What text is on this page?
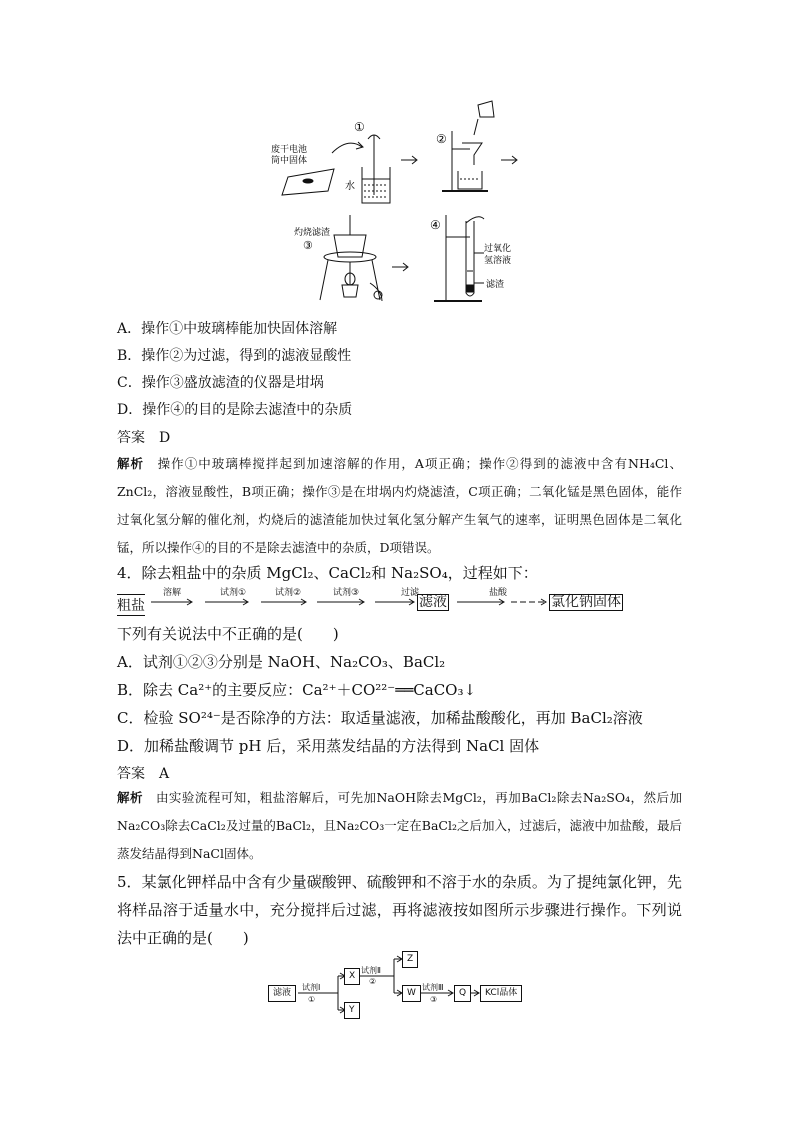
废干电池
筒中固体
水
①
②
灼烧滤渣
③
④
过氧化
氢溶液
滤渣
A．操作①中玻璃棒能加快固体溶解
B．操作②为过滤，得到的滤液显酸性
C．操作③盛放滤渣的仪器是坩埚
D．操作④的目的是除去滤渣中的杂质
答案　 D
解析　 操作①中玻璃棒搅拌起到加速溶解的作用，A项正确；操作②得到的滤液中含有NH₄Cl、ZnCl₂，溶液显酸性，B项正确；操作③是在坩埚内灼烧滤渣，C项正确；二氧化锰是黑色固体，能作过氧化氢分解的催化剂，灼烧后的滤渣能加快过氧化氢分解产生氧气的速率，证明黑色固体是二氧化锰，所以操作④的目的不是除去滤渣中的杂质，D项错误。
4．除去粗盐中的杂质 MgCl₂、CaCl₂和 Na₂SO₄，过程如下：
粗盐
溶解	试剂①	试剂②	试剂③	过滤
滤液
盐酸
氯化钠固体
下列有关说法中不正确的是(　　)
A．试剂①②③分别是 NaOH、Na₂CO₃、BaCl₂
B．除去 Ca²⁺的主要反应：Ca²⁺＋CO²²⁻══CaCO₃↓
C．检验 SO²⁴⁻是否除净的方法：取适量滤液，加稀盐酸酸化，再加 BaCl₂溶液
D．加稀盐酸调节 pH 后，采用蒸发结晶的方法得到 NaCl 固体
答案　 A
解析　 由实验流程可知，粗盐溶解后，可先加NaOH除去MgCl₂，再加BaCl₂除去Na₂SO₄，然后加Na₂CO₃除去CaCl₂及过量的BaCl₂，且Na₂CO₃一定在BaCl₂之后加入，过滤后，滤液中加盐酸，最后蒸发结晶得到NaCl固体。
5．某氯化钾样品中含有少量碳酸钾、硫酸钾和不溶于水的杂质。为了提纯氯化钾，先将样品溶于适量水中，充分搅拌后过滤，再将滤液按如图所示步骤进行操作。下列说法中正确的是(　　)
滤液
试剂Ⅰ
①
X
Y
试剂Ⅱ
②
Z
W
试剂Ⅲ
③
Q	KCl晶体
